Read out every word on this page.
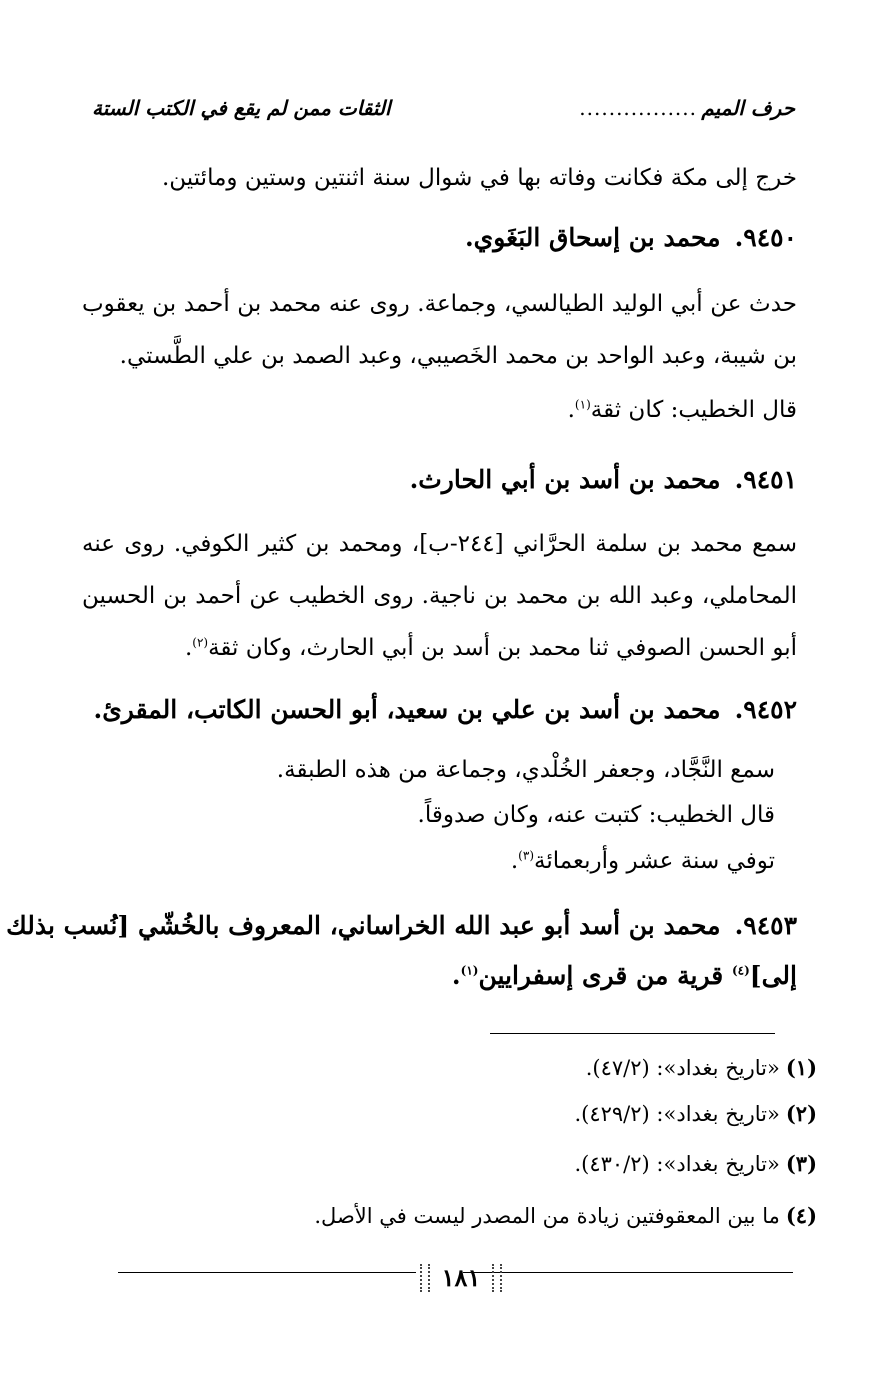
حرف الميم
................
الثقات ممن لم يقع في الكتب الستة
خرج إلى مكة فكانت وفاته بها في شوال سنة اثنتين وستين ومائتين.
٩٤٥٠.محمد بن إسحاق البَغَوي.
حدث عن أبي الوليد الطيالسي، وجماعة. روى عنه محمد بن أحمد بن يعقوب بن شيبة، وعبد الواحد بن محمد الخَصيبي، وعبد الصمد بن علي الطَّستي.
قال الخطيب: كان ثقة$^{(١)}$.
٩٤٥١.محمد بن أسد بن أبي الحارث.
سمع محمد بن سلمة الحرَّاني [٢٤٤-ب]، ومحمد بن كثير الكوفي. روى عنه المحاملي، وعبد الله بن محمد بن ناجية. روى الخطيب عن أحمد بن الحسين أبو الحسن الصوفي ثنا محمد بن أسد بن أبي الحارث، وكان ثقة$^{(٢)}$.
٩٤٥٢.محمد بن أسد بن علي بن سعيد، أبو الحسن الكاتب، المقرئ.
سمع النَّجَّاد، وجعفر الخُلْدي، وجماعة من هذه الطبقة.
قال الخطيب: كتبت عنه، وكان صدوقاً.
توفي سنة عشر وأربعمائة$^{(٣)}$.
٩٤٥٣.محمد بن أسد أبو عبد الله الخراساني، المعروف بالخُشّي [نُسب بذلك
إلى]$^{(٤)}$ قرية من قرى إسفرايين$^{(١)}$.
(١)«تاريخ بغداد»: (٤٧/٢).
(٢)«تاريخ بغداد»: (٤٢٩/٢).
(٣)«تاريخ بغداد»: (٤٣٠/٢).
(٤)ما بين المعقوفتين زيادة من المصدر ليست في الأصل.
١٨١
